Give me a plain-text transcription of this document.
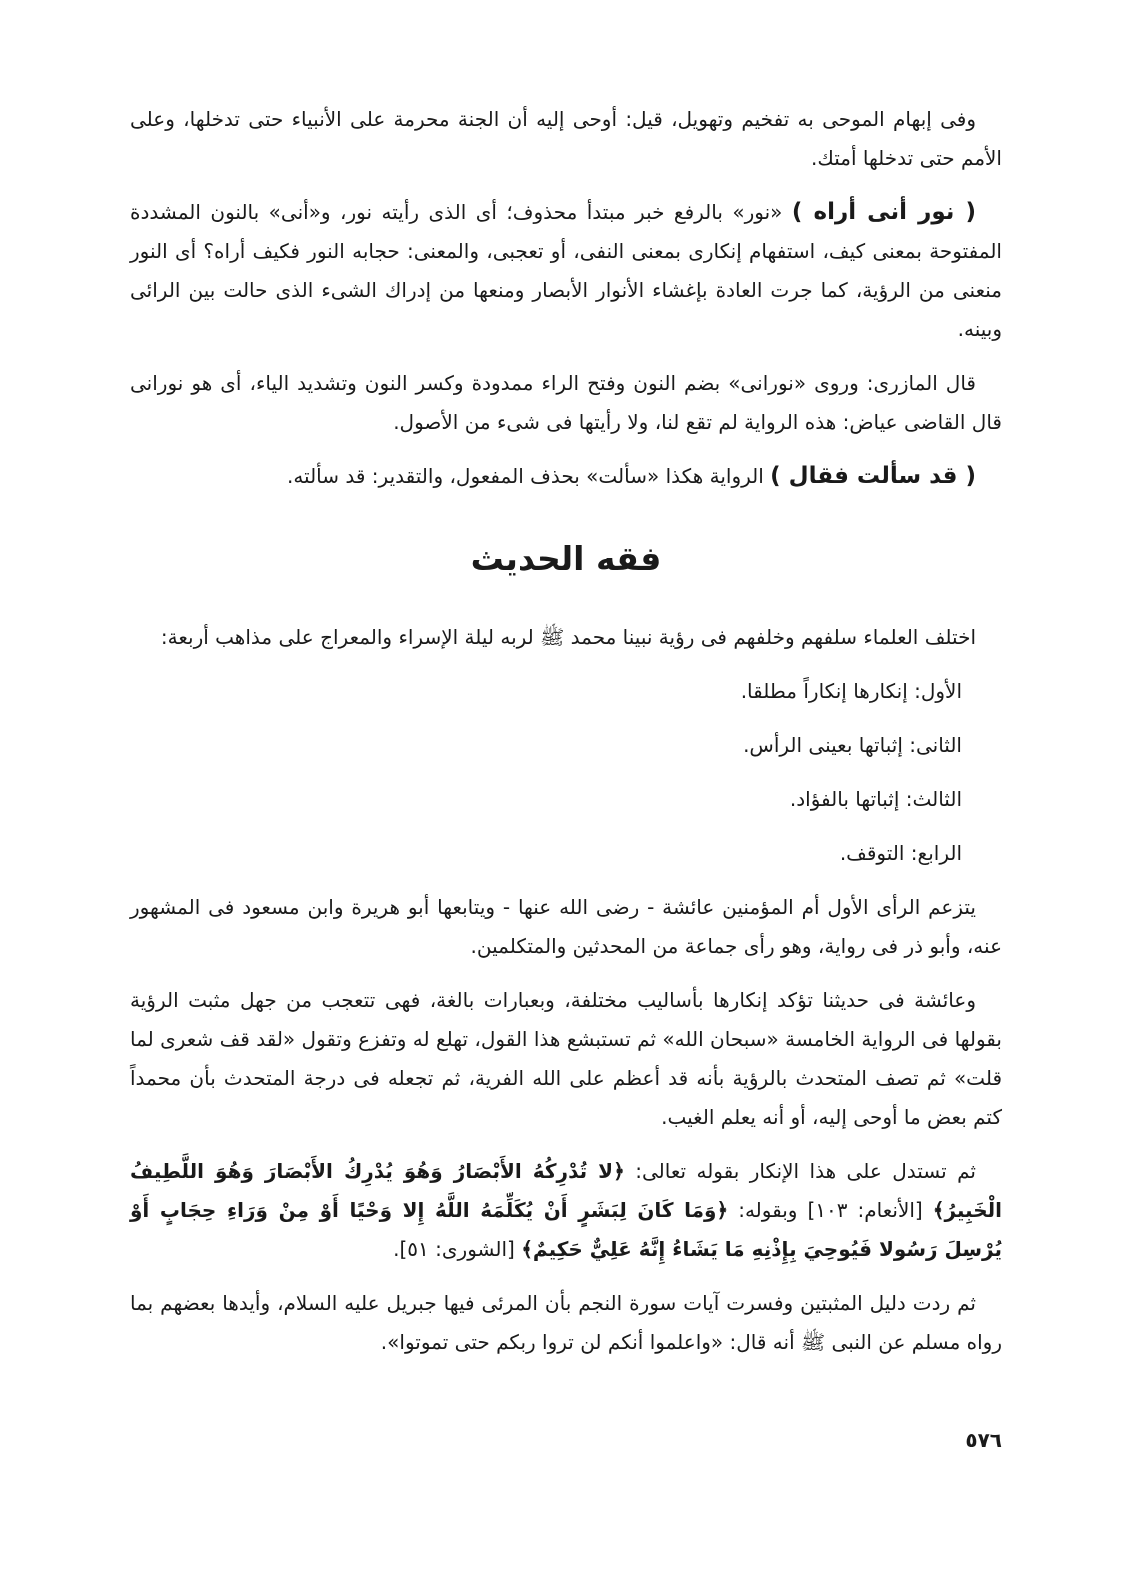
وفى إبهام الموحى به تفخيم وتهويل، قيل: أوحى إليه أن الجنة محرمة على الأنبياء حتى تدخلها، وعلى الأمم حتى تدخلها أمتك.

( نور أنى أراه ) «نور» بالرفع خبر مبتدأ محذوف؛ أى الذى رأيته نور، و«أنى» بالنون المشددة المفتوحة بمعنى كيف، استفهام إنكارى بمعنى النفى، أو تعجبى، والمعنى: حجابه النور فكيف أراه؟ أى النور منعنى من الرؤية، كما جرت العادة بإغشاء الأنوار الأبصار ومنعها من إدراك الشىء الذى حالت بين الرائى وبينه.

قال المازرى: وروى «نورانى» بضم النون وفتح الراء ممدودة وكسر النون وتشديد الياء، أى هو نورانى قال القاضى عياض: هذه الرواية لم تقع لنا، ولا رأيتها فى شىء من الأصول.

( قد سألت فقال ) الرواية هكذا «سألت» بحذف المفعول، والتقدير: قد سألته.

فقه الحديث

اختلف العلماء سلفهم وخلفهم فى رؤية نبينا محمد ﷺ لربه ليلة الإسراء والمعراج على مذاهب أربعة:

الأول: إنكارها إنكاراً مطلقا.

الثانى: إثباتها بعينى الرأس.

الثالث: إثباتها بالفؤاد.

الرابع: التوقف.

يتزعم الرأى الأول أم المؤمنين عائشة - رضى الله عنها - ويتابعها أبو هريرة وابن مسعود فى المشهور عنه، وأبو ذر فى رواية، وهو رأى جماعة من المحدثين والمتكلمين.

وعائشة فى حديثنا تؤكد إنكارها بأساليب مختلفة، وبعبارات بالغة، فهى تتعجب من جهل مثبت الرؤية بقولها فى الرواية الخامسة «سبحان الله» ثم تستبشع هذا القول، تهلع له وتفزع وتقول «لقد قف شعرى لما قلت» ثم تصف المتحدث بالرؤية بأنه قد أعظم على الله الفرية، ثم تجعله فى درجة المتحدث بأن محمداً كتم بعض ما أوحى إليه، أو أنه يعلم الغيب.

ثم تستدل على هذا الإنكار بقوله تعالى: ﴿لا تُدْرِكُهُ الأَبْصَارُ وَهُوَ يُدْرِكُ الأَبْصَارَ وَهُوَ اللَّطِيفُ الْخَبِيرُ﴾ [الأنعام: ١٠٣] وبقوله: ﴿وَمَا كَانَ لِبَشَرٍ أَنْ يُكَلِّمَهُ اللَّهُ إِلا وَحْيًا أَوْ مِنْ وَرَاءِ حِجَابٍ أَوْ يُرْسِلَ رَسُولا فَيُوحِيَ بِإِذْنِهِ مَا يَشَاءُ إِنَّهُ عَلِيٌّ حَكِيمٌ﴾ [الشورى: ٥١].

ثم ردت دليل المثبتين وفسرت آيات سورة النجم بأن المرئى فيها جبريل عليه السلام، وأيدها بعضهم بما رواه مسلم عن النبى ﷺ أنه قال: «واعلموا أنكم لن تروا ربكم حتى تموتوا».

٥٧٦
